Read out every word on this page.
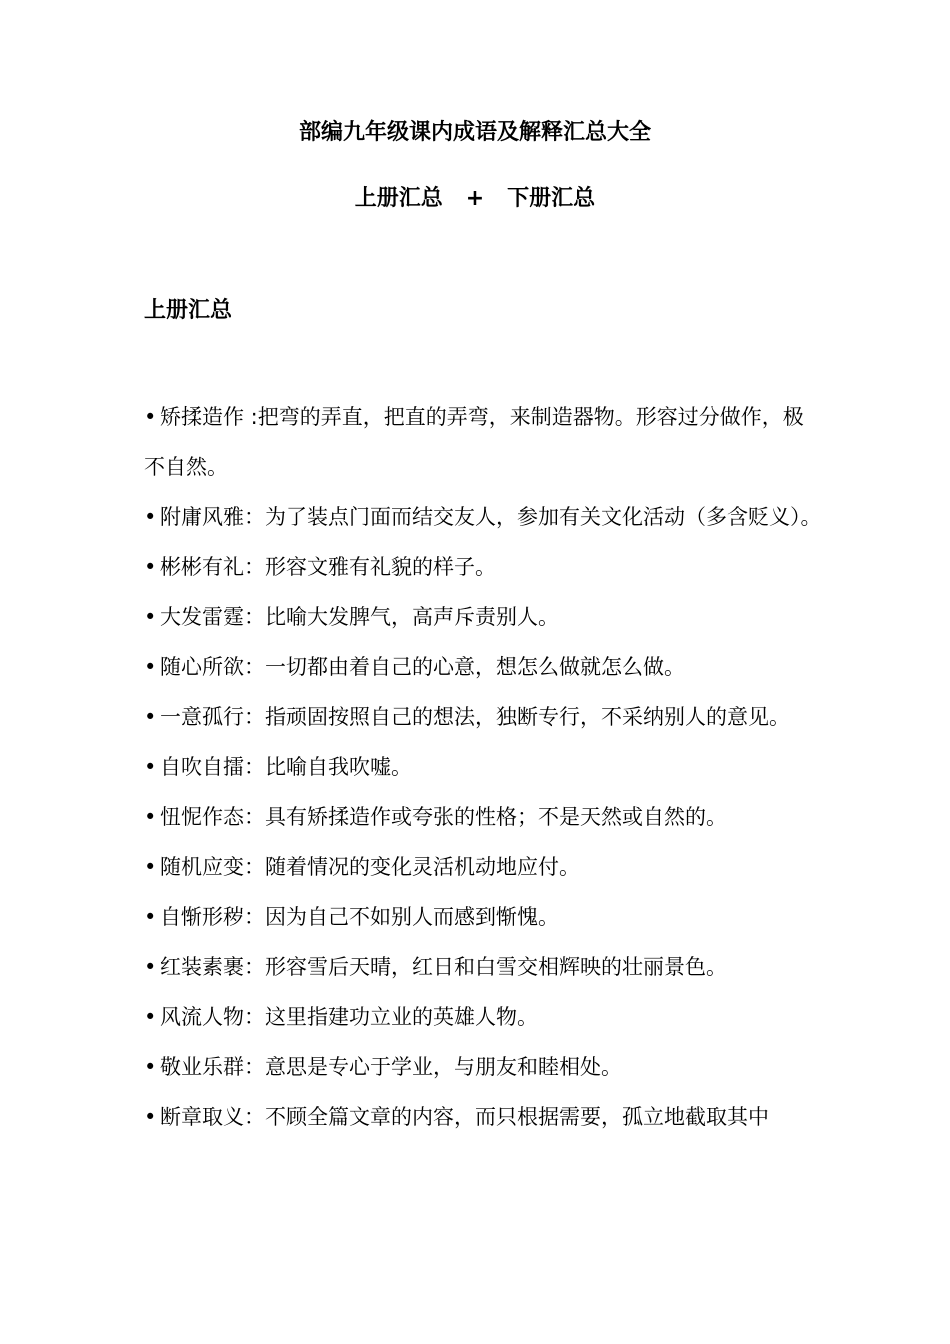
部编九年级课内成语及解释汇总大全
上册汇总   +   下册汇总
上册汇总
• 矫揉造作 :把弯的弄直，把直的弄弯，来制造器物。形容过分做作，极不自然。
• 附庸风雅：为了装点门面而结交友人，参加有关文化活动（多含贬义）。
• 彬彬有礼：形容文雅有礼貌的样子。
• 大发雷霆：比喻大发脾气，高声斥责别人。
• 随心所欲：一切都由着自己的心意，想怎么做就怎么做。
• 一意孤行：指顽固按照自己的想法，独断专行，不采纳别人的意见。
• 自吹自擂：比喻自我吹嘘。
• 忸怩作态：具有矫揉造作或夸张的性格；不是天然或自然的。
• 随机应变：随着情况的变化灵活机动地应付。
• 自惭形秽：因为自己不如别人而感到惭愧。
• 红装素裹：形容雪后天晴，红日和白雪交相辉映的壮丽景色。
• 风流人物：这里指建功立业的英雄人物。
• 敬业乐群：意思是专心于学业，与朋友和睦相处。
• 断章取义：不顾全篇文章的内容，而只根据需要，孤立地截取其中
